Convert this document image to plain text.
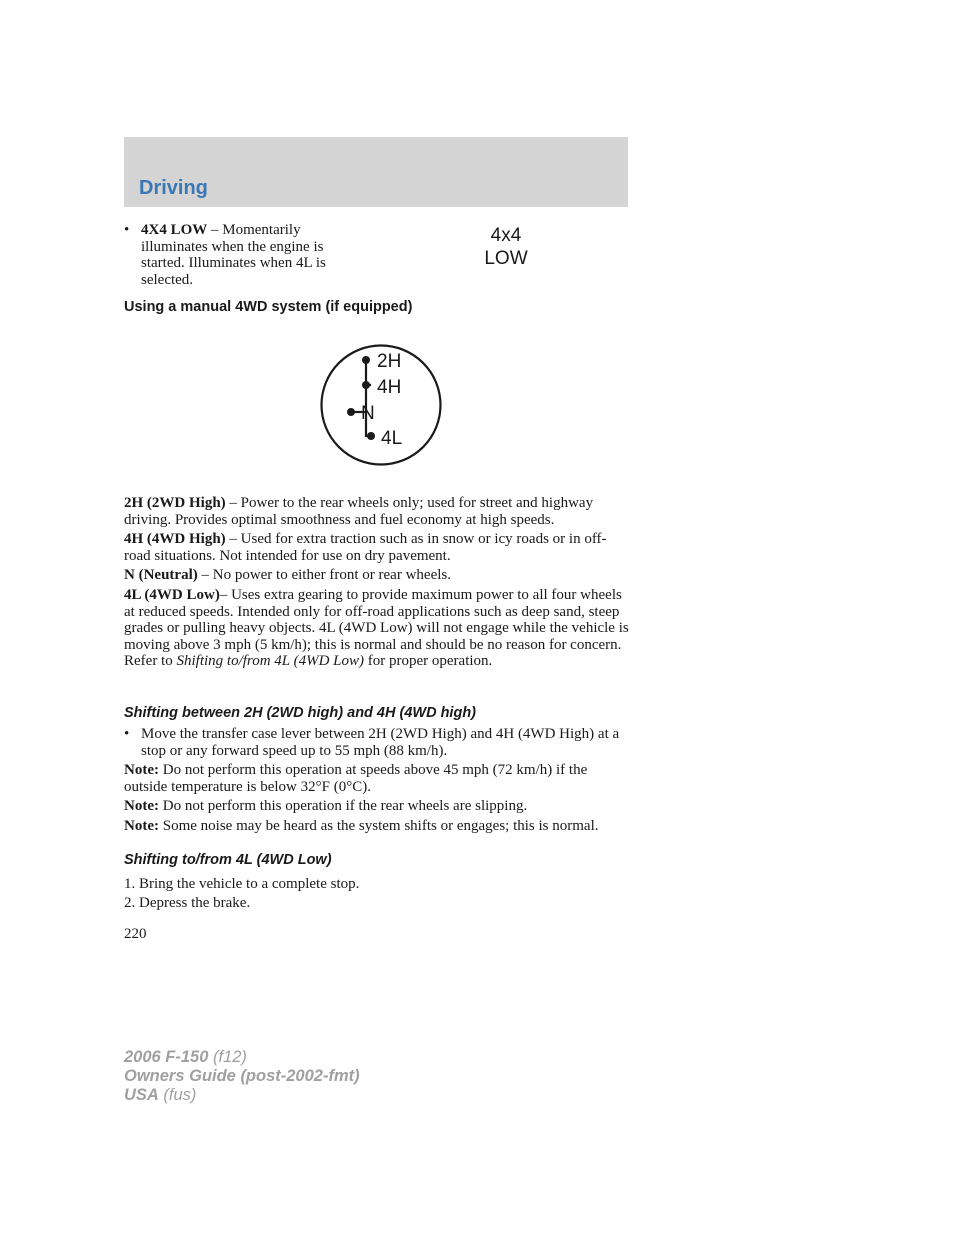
Driving
• 4X4 LOW – Momentarily illuminates when the engine is started. Illuminates when 4L is selected.
4x4
LOW
Using a manual 4WD system (if equipped)
2H
4H
N
4L

2H (2WD High) – Power to the rear wheels only; used for street and highway driving. Provides optimal smoothness and fuel economy at high speeds.

4H (4WD High) – Used for extra traction such as in snow or icy roads or in off-road situations. Not intended for use on dry pavement.

N (Neutral) – No power to either front or rear wheels.

4L (4WD Low)– Uses extra gearing to provide maximum power to all four wheels at reduced speeds. Intended only for off-road applications such as deep sand, steep grades or pulling heavy objects. 4L (4WD Low) will not engage while the vehicle is moving above 3 mph (5 km/h); this is normal and should be no reason for concern. Refer to Shifting to/from 4L (4WD Low) for proper operation.

Shifting between 2H (2WD high) and 4H (4WD high)
• Move the transfer case lever between 2H (2WD High) and 4H (4WD High) at a stop or any forward speed up to 55 mph (88 km/h).

Note: Do not perform this operation at speeds above 45 mph (72 km/h) if the outside temperature is below 32°F (0°C).

Note: Do not perform this operation if the rear wheels are slipping.

Note: Some noise may be heard as the system shifts or engages; this is normal.

Shifting to/from 4L (4WD Low)
1. Bring the vehicle to a complete stop.
2. Depress the brake.
220
2006 F-150 (f12)
Owners Guide (post-2002-fmt)
USA (fus)
